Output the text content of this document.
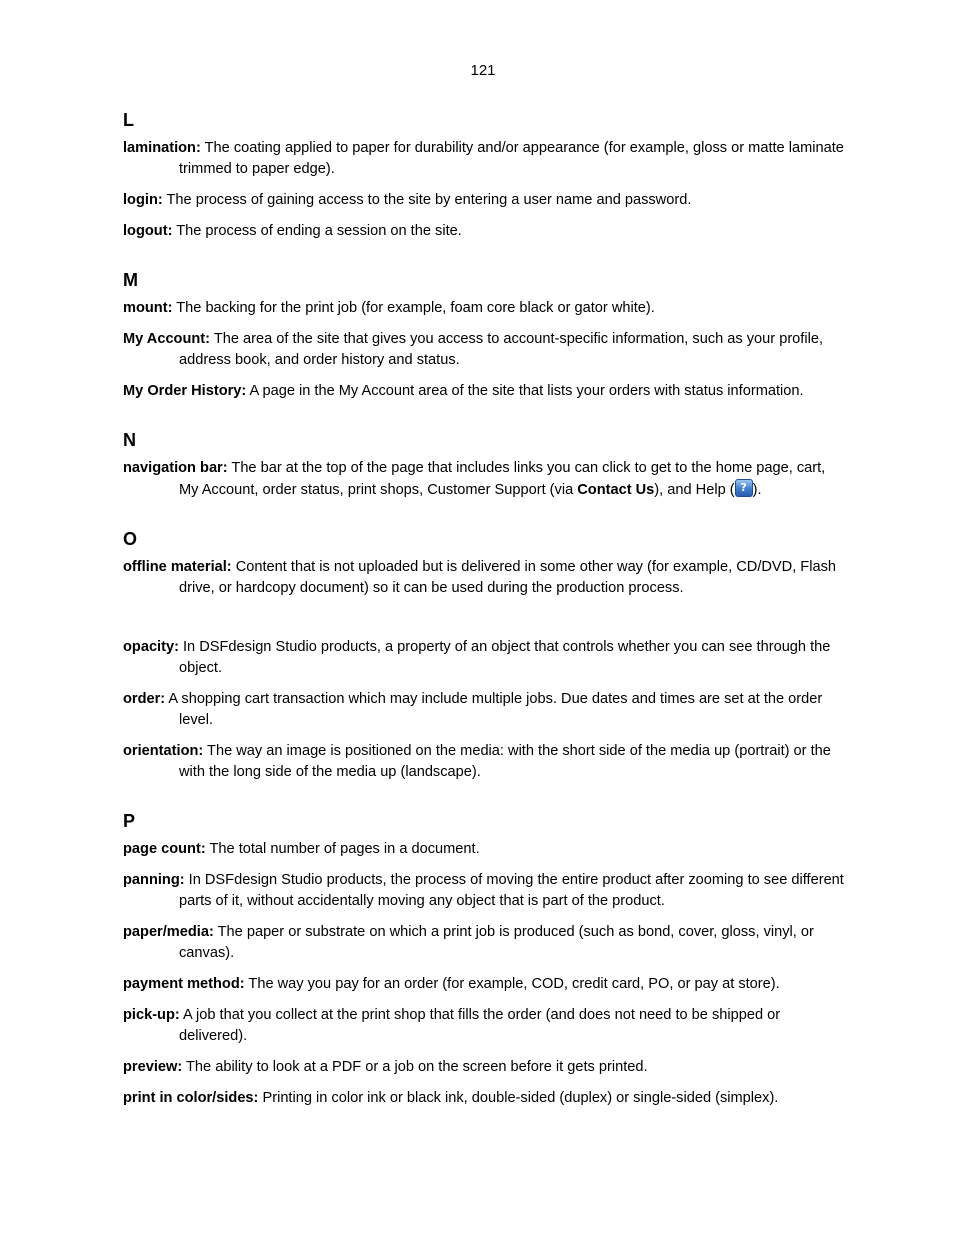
121
L

lamination: The coating applied to paper for durability and/or appearance (for example, gloss or matte laminate trimmed to paper edge).

login: The process of gaining access to the site by entering a user name and password.

logout: The process of ending a session on the site.

M

mount: The backing for the print job (for example, foam core black or gator white).

My Account: The area of the site that gives you access to account-specific information, such as your profile, address book, and order history and status.

My Order History: A page in the My Account area of the site that lists your orders with status information.

N

navigation bar: The bar at the top of the page that includes links you can click to get to the home page, cart, My Account, order status, print shops, Customer Support (via Contact Us), and Help (? ).

O

offline material: Content that is not uploaded but is delivered in some other way (for example, CD/DVD, Flash drive, or hardcopy document) so it can be used during the production process.

opacity: In DSFdesign Studio products, a property of an object that controls whether you can see through the object.

order: A shopping cart transaction which may include multiple jobs. Due dates and times are set at the order level.

orientation: The way an image is positioned on the media: with the short side of the media up (portrait) or the with the long side of the media up (landscape).

P

page count: The total number of pages in a document.

panning: In DSFdesign Studio products, the process of moving the entire product after zooming to see different parts of it, without accidentally moving any object that is part of the product.

paper/media: The paper or substrate on which a print job is produced (such as bond, cover, gloss, vinyl, or canvas).

payment method: The way you pay for an order (for example, COD, credit card, PO, or pay at store).

pick-up: A job that you collect at the print shop that fills the order (and does not need to be shipped or delivered).

preview: The ability to look at a PDF or a job on the screen before it gets printed.

print in color/sides: Printing in color ink or black ink, double-sided (duplex) or single-sided (simplex).
